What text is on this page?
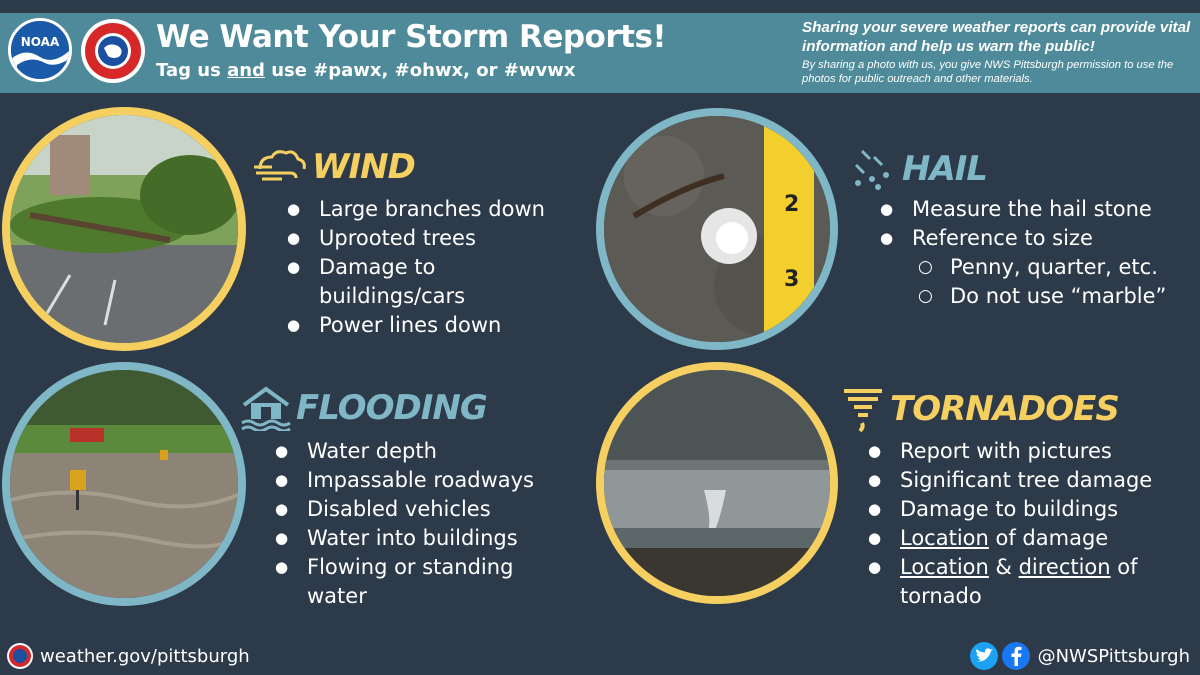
NOAA	We Want Your Storm Reports!
Tag us and use #pawx, #ohwx, or #wvwx
Sharing your severe weather reports can provide vital information and help us warn the public!
By sharing a photo with us, you give NWS Pittsburgh permission to use the photos for public outreach and other materials.
2
3
WIND
● Large branches down
● Uprooted trees
● Damage to
buildings/cars
● Power lines down
HAIL
● Measure the hail stone
● Reference to size
○ Penny, quarter, etc.
○ Do not use “marble”
FLOODING
● Water depth
● Impassable roadways
● Disabled vehicles
● Water into buildings
● Flowing or standing
water
TORNADOES
● Report with pictures
● Significant tree damage
● Damage to buildings
● Location of damage
● Location & direction of
tornado
weather.gov/pittsburgh	@NWSPittsburgh
